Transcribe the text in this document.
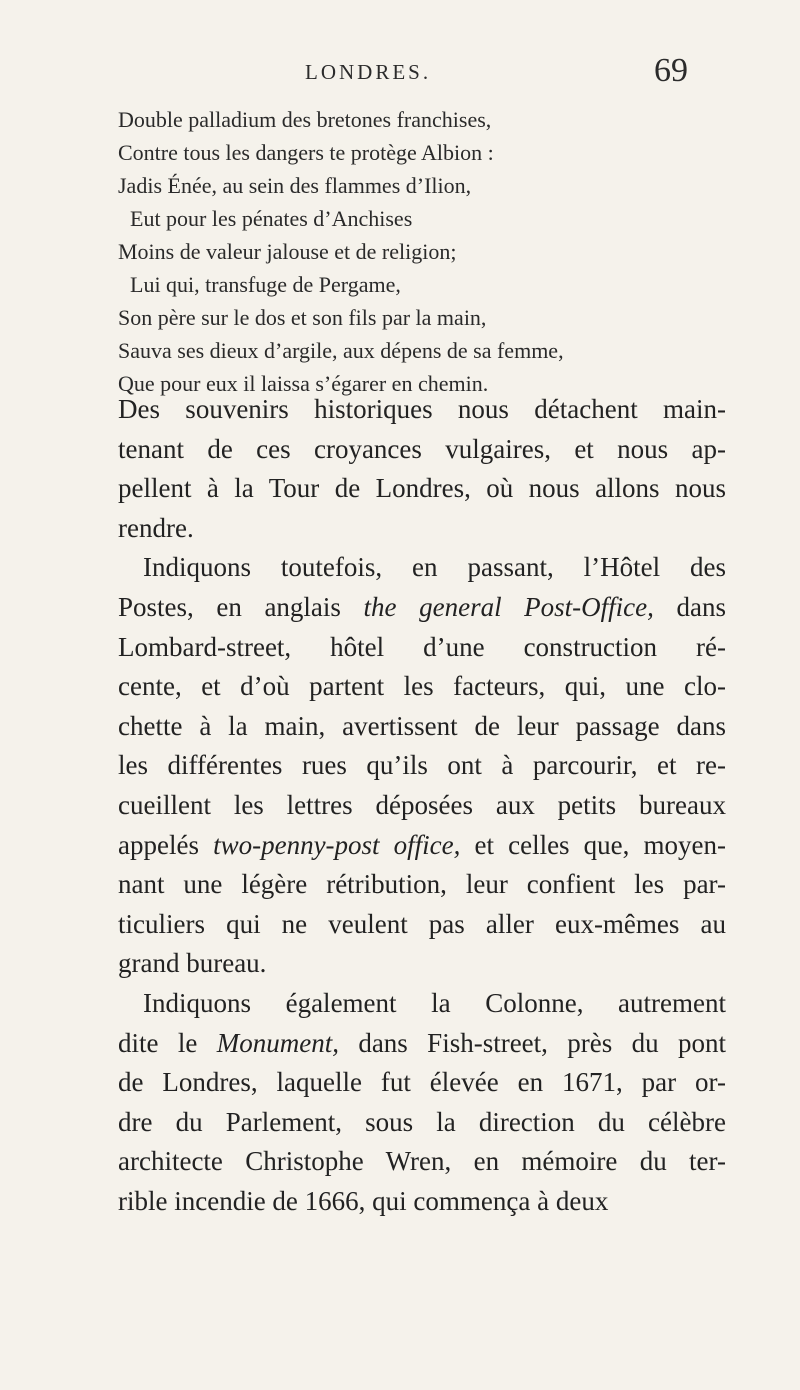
LONDRES.	69
Double palladium des bretones franchises,
Contre tous les dangers te protège Albion :
Jadis Énée, au sein des flammes d’Ilion,
Eut pour les pénates d’Anchises
Moins de valeur jalouse et de religion;
Lui qui, transfuge de Pergame,
Son père sur le dos et son fils par la main,
Sauva ses dieux d’argile, aux dépens de sa femme,
Que pour eux il laissa s’égarer en chemin.
Des souvenirs historiques nous détachent main-
tenant de ces croyances vulgaires, et nous ap-
pellent à la Tour de Londres, où nous allons nous
rendre.
Indiquons toutefois, en passant, l’Hôtel des
Postes, en anglais the general Post-Office, dans
Lombard-street, hôtel d’une construction ré-
cente, et d’où partent les facteurs, qui, une clo-
chette à la main, avertissent de leur passage dans
les différentes rues qu’ils ont à parcourir, et re-
cueillent les lettres déposées aux petits bureaux
appelés two-penny-post office, et celles que, moyen-
nant une légère rétribution, leur confient les par-
ticuliers qui ne veulent pas aller eux-mêmes au
grand bureau.
Indiquons également la Colonne, autrement
dite le Monument, dans Fish-street, près du pont
de Londres, laquelle fut élevée en 1671, par or-
dre du Parlement, sous la direction du célèbre
architecte Christophe Wren, en mémoire du ter-
rible incendie de 1666, qui commença à deux
